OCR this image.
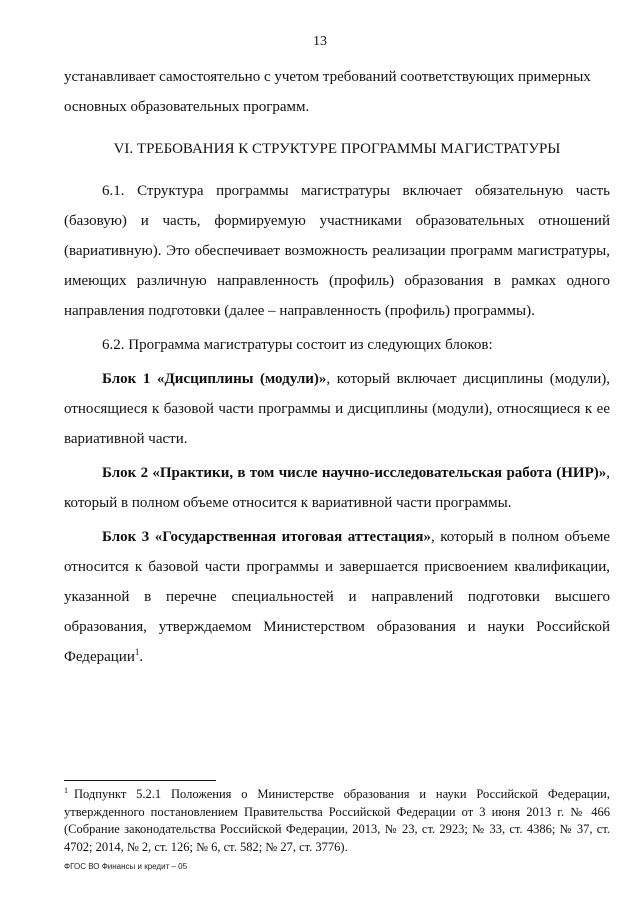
13

устанавливает самостоятельно с учетом требований соответствующих примерных
основных образовательных программ.

VI. ТРЕБОВАНИЯ К СТРУКТУРЕ ПРОГРАММЫ МАГИСТРАТУРЫ

6.1. Структура программы магистратуры включает обязательную часть (базовую) и часть, формируемую участниками образовательных отношений (вариативную). Это обеспечивает возможность реализации программ магистратуры, имеющих различную направленность (профиль) образования в рамках одного направления подготовки (далее – направленность (профиль) программы).

6.2. Программа магистратуры состоит из следующих блоков:

Блок 1 «Дисциплины (модули)», который включает дисциплины (модули), относящиеся к базовой части программы и дисциплины (модули), относящиеся к ее вариативной части.

Блок 2 «Практики, в том числе научно-исследовательская работа (НИР)», который в полном объеме относится к вариативной части программы.

Блок 3 «Государственная итоговая аттестация», который в полном объеме относится к базовой части программы и завершается присвоением квалификации, указанной в перечне специальностей и направлений подготовки высшего образования, утверждаемом Министерством образования и науки Российской Федерации$^1$.

$^1$ Подпункт 5.2.1 Положения о Министерстве образования и науки Российской Федерации, утвержденного постановлением Правительства Российской Федерации от 3 июня 2013 г. № 466 (Собрание законодательства Российской Федерации, 2013, № 23, ст. 2923; № 33, ст. 4386; № 37, ст. 4702; 2014, № 2, ст. 126; № 6, ст. 582; № 27, ст. 3776).
ФГОС ВО Финансы и кредит – 05
